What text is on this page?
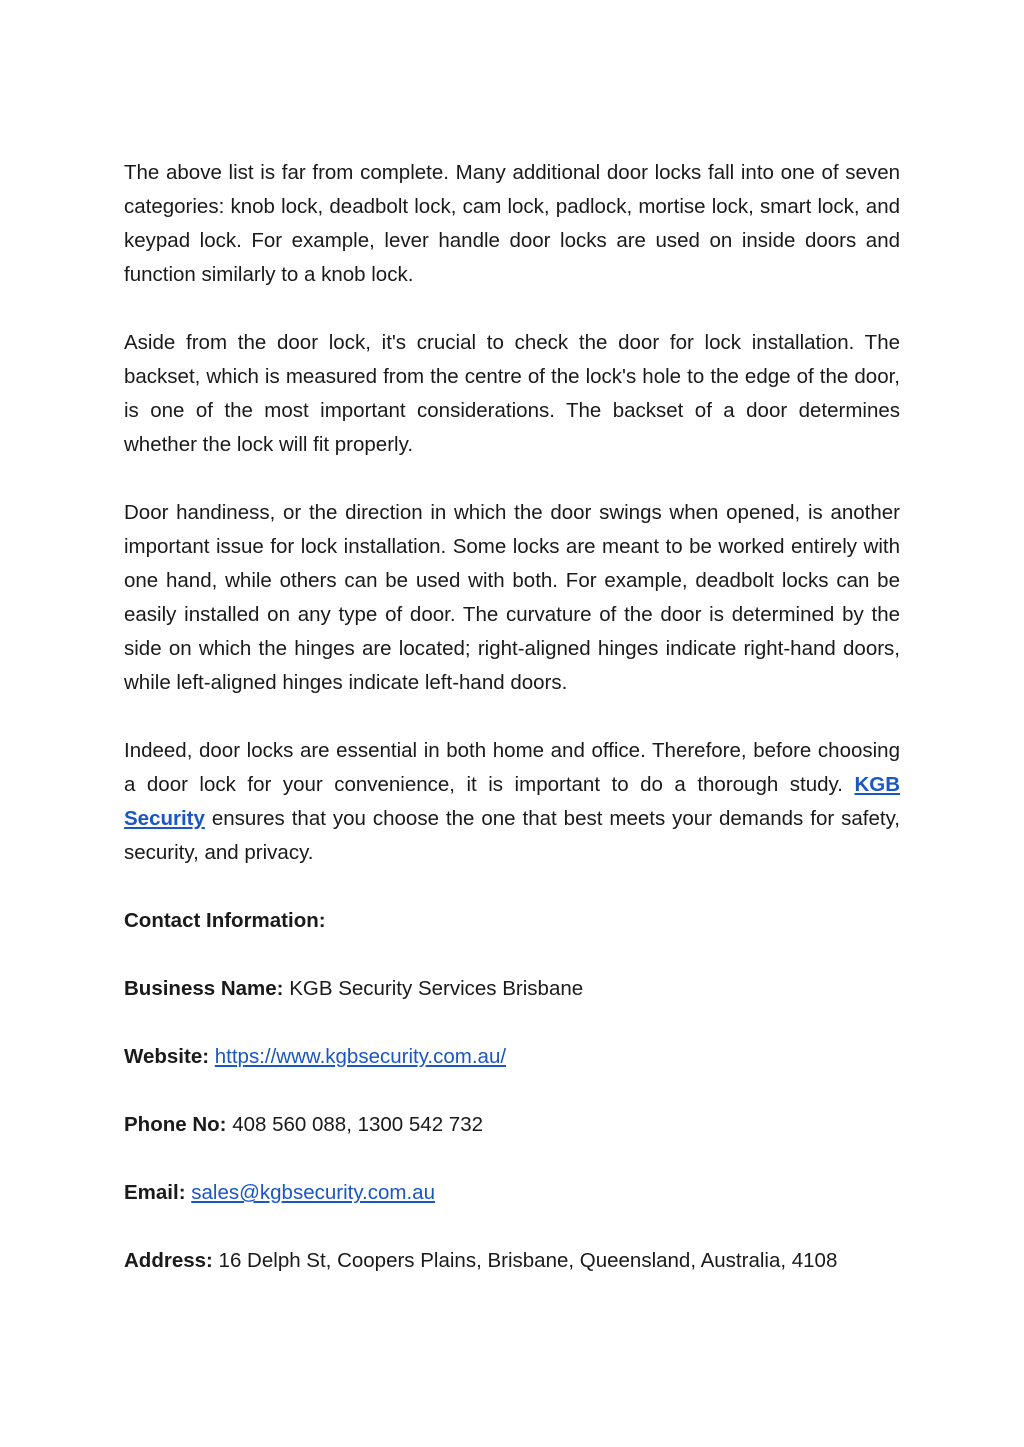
The above list is far from complete. Many additional door locks fall into one of seven categories: knob lock, deadbolt lock, cam lock, padlock, mortise lock, smart lock, and keypad lock. For example, lever handle door locks are used on inside doors and function similarly to a knob lock.

Aside from the door lock, it's crucial to check the door for lock installation. The backset, which is measured from the centre of the lock's hole to the edge of the door, is one of the most important considerations. The backset of a door determines whether the lock will fit properly.

Door handiness, or the direction in which the door swings when opened, is another important issue for lock installation. Some locks are meant to be worked entirely with one hand, while others can be used with both. For example, deadbolt locks can be easily installed on any type of door. The curvature of the door is determined by the side on which the hinges are located; right-aligned hinges indicate right-hand doors, while left-aligned hinges indicate left-hand doors.

Indeed, door locks are essential in both home and office. Therefore, before choosing a door lock for your convenience, it is important to do a thorough study. KGB Security ensures that you choose the one that best meets your demands for safety, security, and privacy.

Contact Information:

Business Name: KGB Security Services Brisbane

Website: https://www.kgbsecurity.com.au/

Phone No: 408 560 088, 1300 542 732

Email: sales@kgbsecurity.com.au

Address: 16 Delph St, Coopers Plains, Brisbane, Queensland, Australia, 4108
